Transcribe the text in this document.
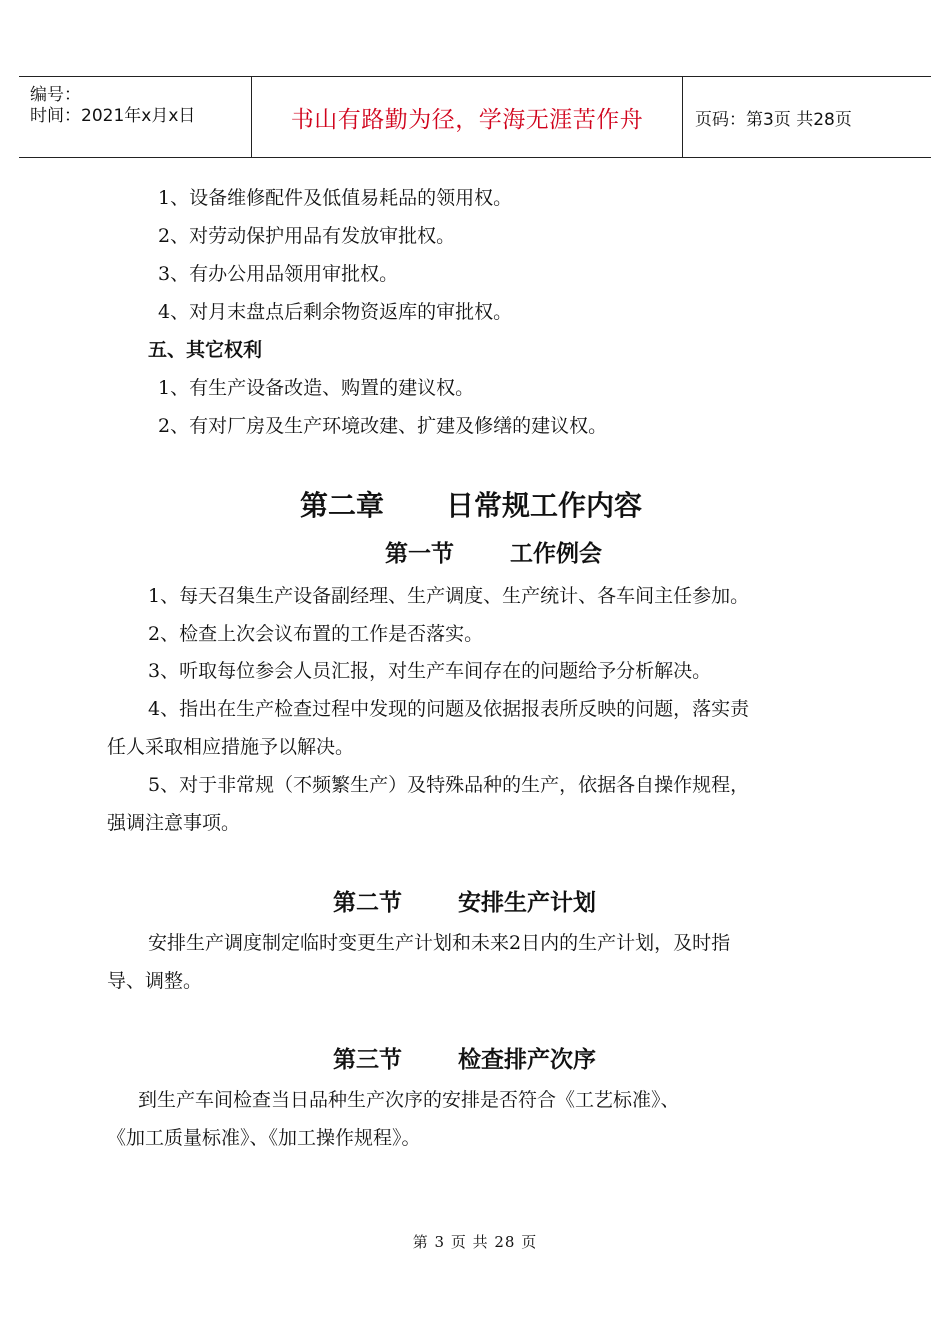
编号：
时间：2021年x月x日	书山有路勤为径，学海无涯苦作舟	页码：第3页 共28页
1、设备维修配件及低值易耗品的领用权。
2、对劳动保护用品有发放审批权。
3、有办公用品领用审批权。
4、对月末盘点后剩余物资返库的审批权。
五、其它权利
1、有生产设备改造、购置的建议权。
2、有对厂房及生产环境改建、扩建及修缮的建议权。
第二章 日常规工作内容
第一节 工作例会
1、每天召集生产设备副经理、生产调度、生产统计、各车间主任参加。
2、检查上次会议布置的工作是否落实。
3、听取每位参会人员汇报，对生产车间存在的问题给予分析解决。
4、指出在生产检查过程中发现的问题及依据报表所反映的问题，落实责
任人采取相应措施予以解决。
5、对于非常规（不频繁生产）及特殊品种的生产，依据各自操作规程，
强调注意事项。
第二节 安排生产计划
安排生产调度制定临时变更生产计划和未来2日内的生产计划，及时指
导、调整。
第三节 检查排产次序
到生产车间检查当日品种生产次序的安排是否符合《工艺标准》、
《加工质量标准》、《加工操作规程》。
第 3 页 共 28 页
